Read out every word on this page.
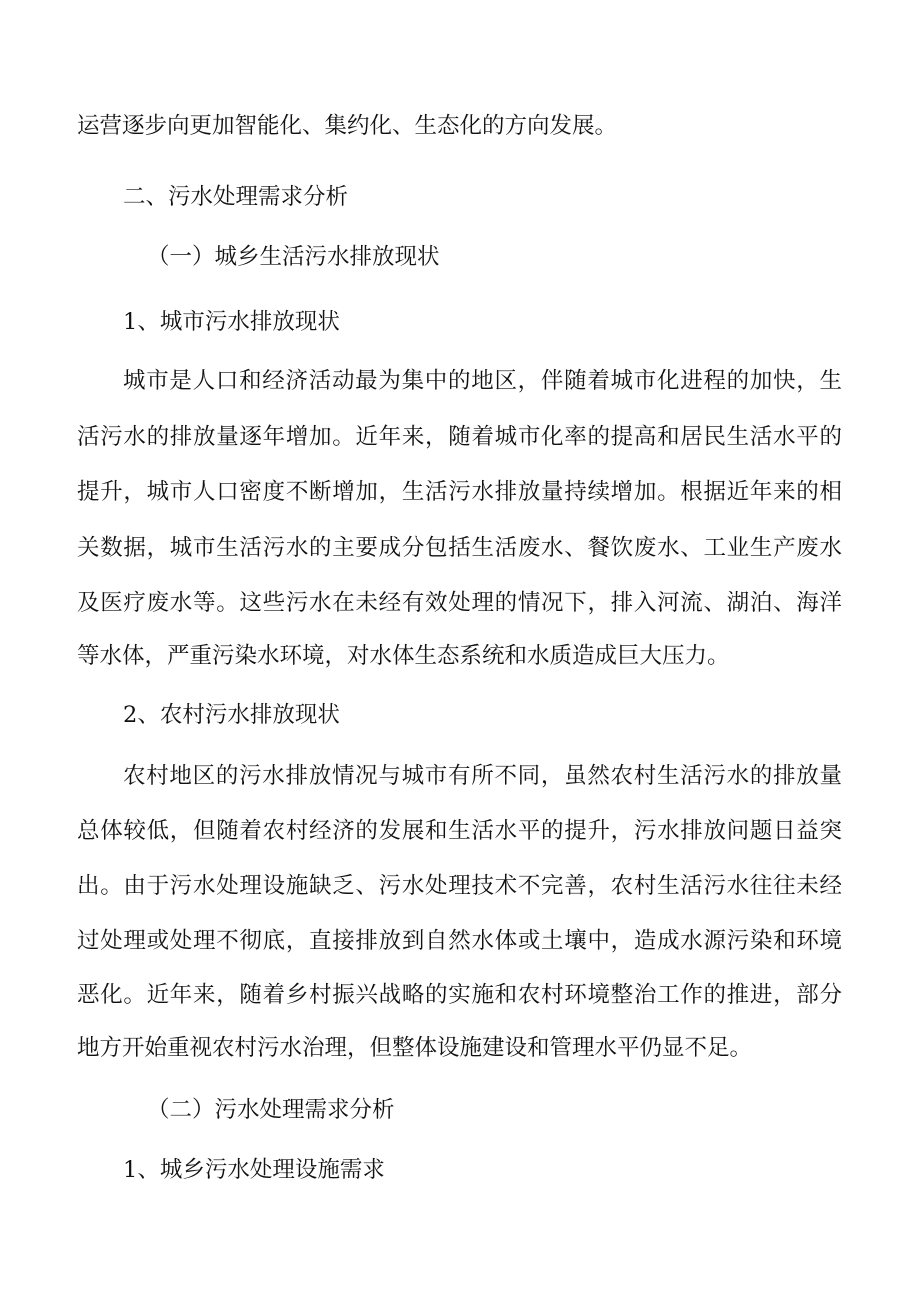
运营逐步向更加智能化、集约化、生态化的方向发展。
二、污水处理需求分析
（一）城乡生活污水排放现状
1、城市污水排放现状
城市是人口和经济活动最为集中的地区，伴随着城市化进程的加快，生
活污水的排放量逐年增加。近年来，随着城市化率的提高和居民生活水平的
提升，城市人口密度不断增加，生活污水排放量持续增加。根据近年来的相
关数据，城市生活污水的主要成分包括生活废水、餐饮废水、工业生产废水
及医疗废水等。这些污水在未经有效处理的情况下，排入河流、湖泊、海洋
等水体，严重污染水环境，对水体生态系统和水质造成巨大压力。
2、农村污水排放现状
农村地区的污水排放情况与城市有所不同，虽然农村生活污水的排放量
总体较低，但随着农村经济的发展和生活水平的提升，污水排放问题日益突
出。由于污水处理设施缺乏、污水处理技术不完善，农村生活污水往往未经
过处理或处理不彻底，直接排放到自然水体或土壤中，造成水源污染和环境
恶化。近年来，随着乡村振兴战略的实施和农村环境整治工作的推进，部分
地方开始重视农村污水治理，但整体设施建设和管理水平仍显不足。
（二）污水处理需求分析
1、城乡污水处理设施需求
